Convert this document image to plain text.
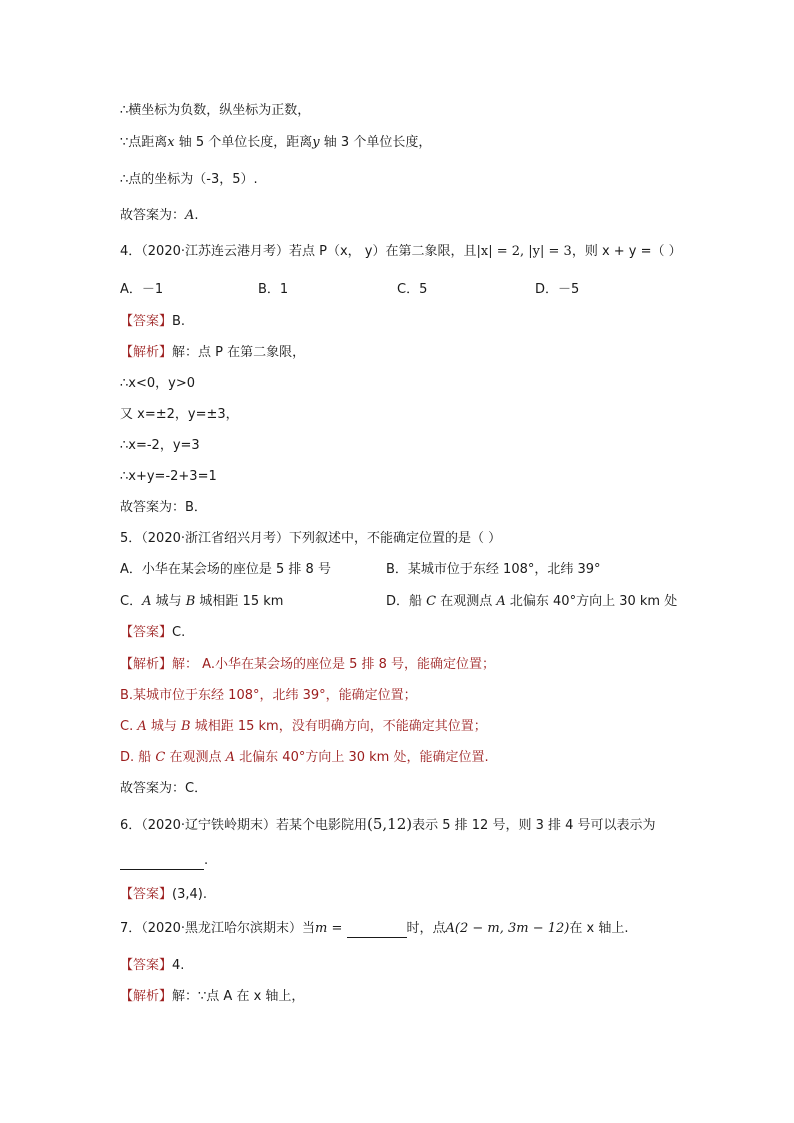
∴横坐标为负数，纵坐标为正数，
∵点距离x 轴 5 个单位长度，距离y 轴 3 个单位长度，
∴点的坐标为（-3，5）.
故答案为：A.
4．（2020·江苏连云港月考）若点 P（x， y）在第二象限，且|x| = 2, |y| = 3，则 x + y =（ ）
A．－1	B．1	C．5	D．－5
【答案】B.
【解析】解：点 P 在第二象限，
∴x<0，y>0
又 x=±2，y=±3，
∴x=-2，y=3
∴x+y=-2+3=1
故答案为：B．
5．（2020·浙江省绍兴月考）下列叙述中，不能确定位置的是（ ）
A．小华在某会场的座位是 5 排 8 号	B．某城市位于东经 108°，北纬 39°
C．A 城与 B 城相距 15 km	D．船 C 在观测点 A 北偏东 40°方向上 30 km 处
【答案】C.
【解析】解： A.小华在某会场的座位是 5 排 8 号，能确定位置；
B.某城市位于东经 108°，北纬 39°，能确定位置；
C. A 城与 B 城相距 15 km，没有明确方向，不能确定其位置；
D. 船 C 在观测点 A 北偏东 40°方向上 30 km 处，能确定位置.
故答案为：C．
6．（2020·辽宁铁岭期末）若某个电影院用(5,12)表示 5 排 12 号，则 3 排 4 号可以表示为
.
【答案】(3,4).
7．（2020·黑龙江哈尔滨期末）当m =	时，点A(2 − m, 3m − 12)在 x 轴上.
【答案】4.
【解析】解：∵点 A 在 x 轴上，
